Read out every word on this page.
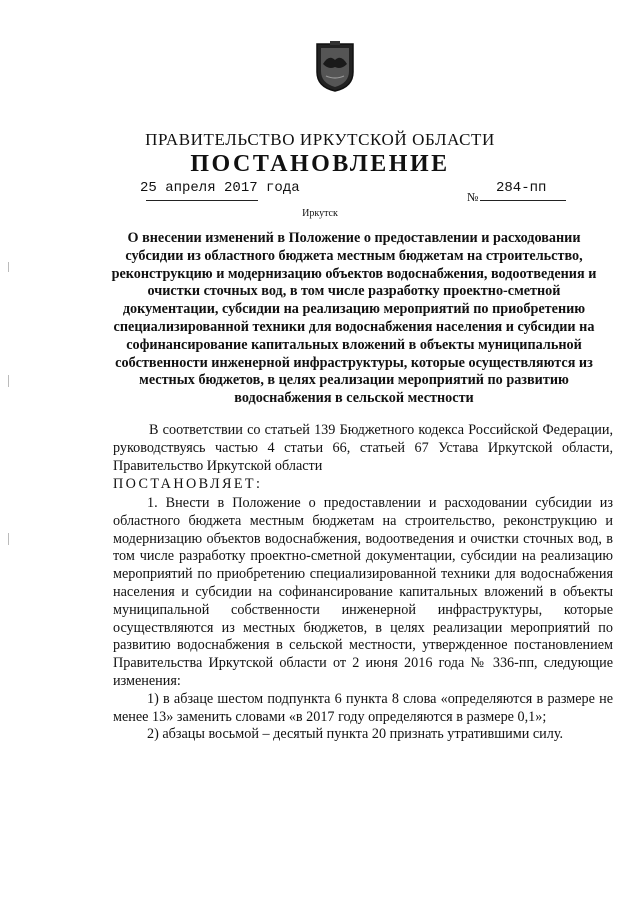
ПРАВИТЕЛЬСТВО ИРКУТСКОЙ ОБЛАСТИ
ПОСТАНОВЛЕНИЕ
25 апреля 2017 года
№
284-пп
Иркутск

О внесении изменений в Положение о предоставлении и расходовании субсидии из областного бюджета местным бюджетам на строительство, реконструкцию и модернизацию объектов водоснабжения, водоотведения и очистки сточных вод, в том числе разработку проектно-сметной документации, субсидии на реализацию мероприятий по приобретению специализированной техники для водоснабжения населения и субсидии на софинансирование капитальных вложений в объекты муниципальной собственности инженерной инфраструктуры, которые осуществляются из местных бюджетов, в целях реализации мероприятий по развитию водоснабжения в сельской местности

В соответствии со статьей 139 Бюджетного кодекса Российской Федерации, руководствуясь частью 4 статьи 66, статьей 67 Устава Иркутской области, Правительство Иркутской области

ПОСТАНОВЛЯЕТ:

1. Внести в Положение о предоставлении и расходовании субсидии из областного бюджета местным бюджетам на строительство, реконструкцию и модернизацию объектов водоснабжения, водоотведения и очистки сточных вод, в том числе разработку проектно-сметной документации, субсидии на реализацию мероприятий по приобретению специализированной техники для водоснабжения населения и субсидии на софинансирование капитальных вложений в объекты муниципальной собственности инженерной инфраструктуры, которые осуществляются из местных бюджетов, в целях реализации мероприятий по развитию водоснабжения в сельской местности, утвержденное постановлением Правительства Иркутской области от 2 июня 2016 года № 336-пп, следующие изменения:

1) в абзаце шестом подпункта 6 пункта 8 слова «определяются в размере не менее 13» заменить словами «в 2017 году определяются в размере 0,1»;

2) абзацы восьмой – десятый пункта 20 признать утратившими силу.
